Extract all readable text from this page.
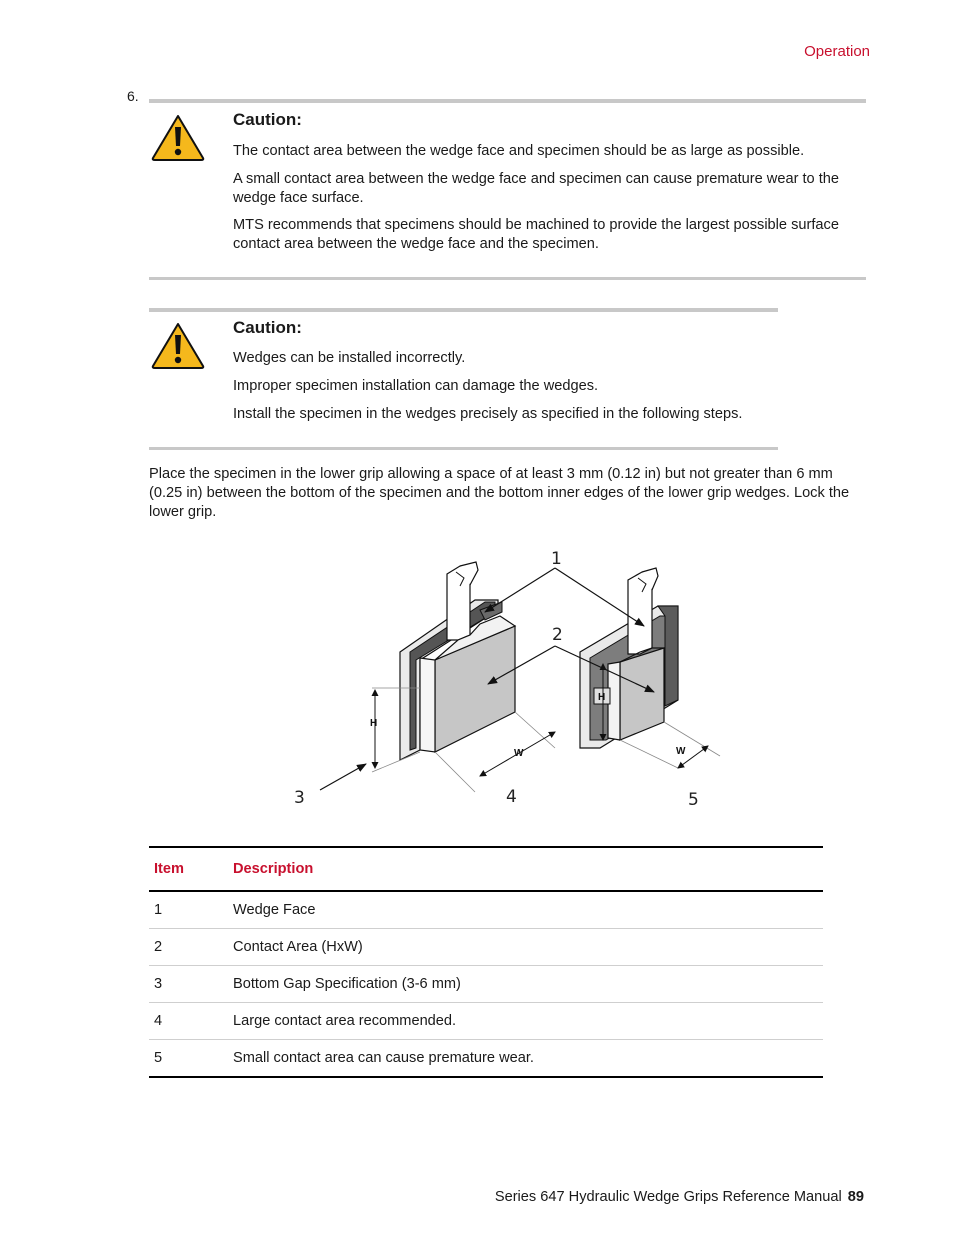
Operation
6.
Caution:
The contact area between the wedge face and specimen should be as large as possible.
A small contact area between the wedge face and specimen can cause premature wear to the wedge face surface.
MTS recommends that specimens should be machined to provide the largest possible surface contact area between the wedge face and the specimen.
Caution:
Wedges can be installed incorrectly.
Improper specimen installation can damage the wedges.
Install the specimen in the wedges precisely as specified in the following steps.
Place the specimen in the lower grip allowing a space of at least 3 mm (0.12 in) but not greater than 6 mm (0.25 in) between the bottom of the specimen and the bottom inner edges of the lower grip wedges. Lock the lower grip.
1
2
3	4	5
H
W
H
W
Item	Description
1	Wedge Face
2	Contact Area (HxW)
3	Bottom Gap Specification (3-6 mm)
4	Large contact area recommended.
5	Small contact area can cause premature wear.
Series 647 Hydraulic Wedge Grips Reference Manual 89
